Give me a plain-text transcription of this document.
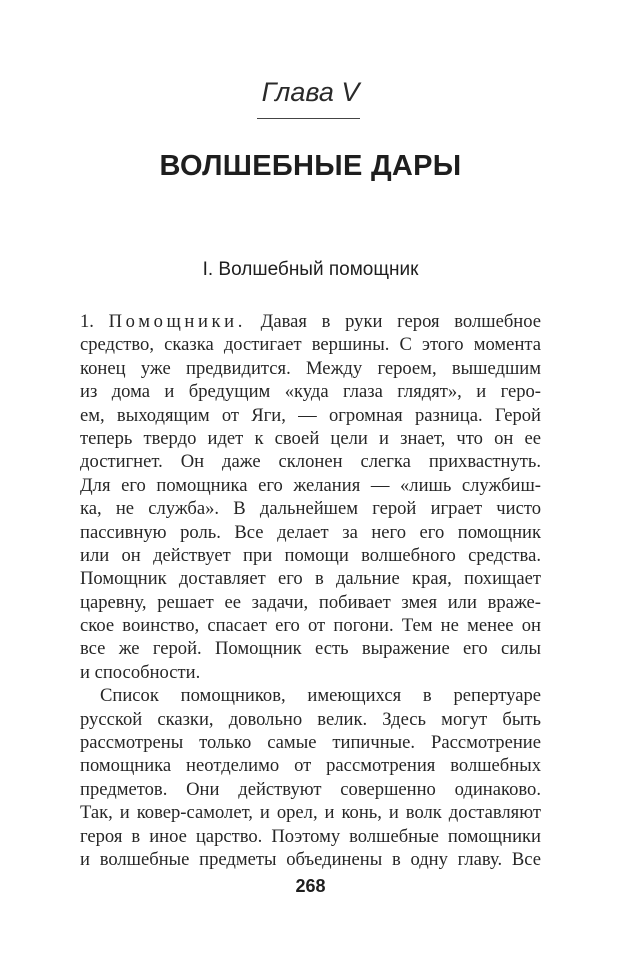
Глава V
ВОЛШЕБНЫЕ ДАРЫ
I. Волшебный помощник
1. Помощники. Давая в руки героя волшебное
средство, сказка достигает вершины. С этого момента
конец уже предвидится. Между героем, вышедшим
из дома и бредущим «куда глаза глядят», и геро-
ем, выходящим от Яги, — огромная разница. Герой
теперь твердо идет к своей цели и знает, что он ее
достигнет. Он даже склонен слегка прихвастнуть.
Для его помощника его желания — «лишь службиш-
ка, не служба». В дальнейшем герой играет чисто
пассивную роль. Все делает за него его помощник
или он действует при помощи волшебного средства.
Помощник доставляет его в дальние края, похищает
царевну, решает ее задачи, побивает змея или враже-
ское воинство, спасает его от погони. Тем не менее он
все же герой. Помощник есть выражение его силы
и способности.
Список помощников, имеющихся в репертуаре
русской сказки, довольно велик. Здесь могут быть
рассмотрены только самые типичные. Рассмотрение
помощника неотделимо от рассмотрения волшебных
предметов. Они действуют совершенно одинаково.
Так, и ковер-самолет, и орел, и конь, и волк доставляют
героя в иное царство. Поэтому волшебные помощники
и волшебные предметы объединены в одну главу. Все
268
